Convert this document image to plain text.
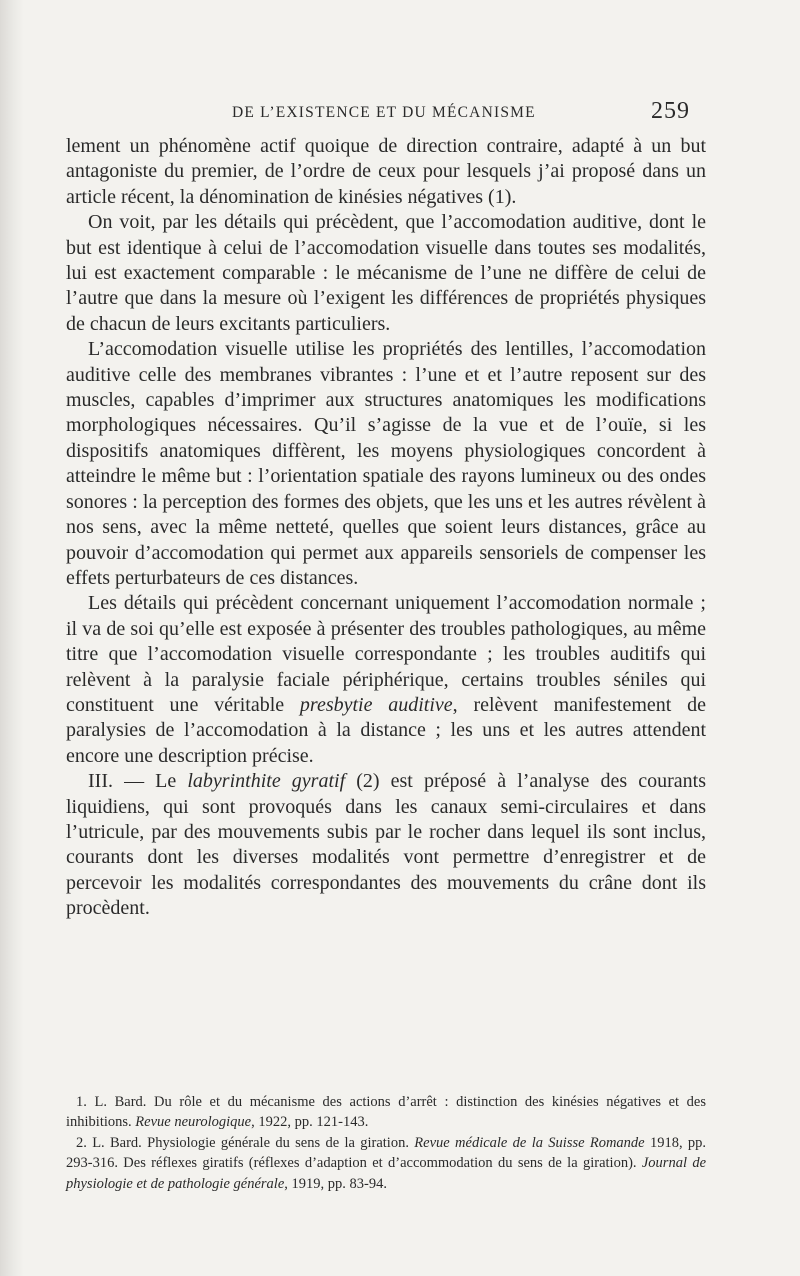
DE L’EXISTENCE ET DU MÉCANISME	259

lement un phénomène actif quoique de direction contraire, adapté à un but antagoniste du premier, de l’ordre de ceux pour lesquels j’ai proposé dans un article récent, la dénomination de kinésies négatives (1).

On voit, par les détails qui précèdent, que l’accomodation auditive, dont le but est identique à celui de l’accomodation visuelle dans toutes ses modalités, lui est exactement comparable : le mécanisme de l’une ne diffère de celui de l’autre que dans la mesure où l’exigent les différences de propriétés physiques de chacun de leurs excitants particuliers.

L’accomodation visuelle utilise les propriétés des lentilles, l’accomodation auditive celle des membranes vibrantes : l’une et et l’autre reposent sur des muscles, capables d’imprimer aux structures anatomiques les modifications morphologiques nécessaires. Qu’il s’agisse de la vue et de l’ouïe, si les dispositifs anatomiques diffèrent, les moyens physiologiques concordent à atteindre le même but : l’orientation spatiale des rayons lumineux ou des ondes sonores : la perception des formes des objets, que les uns et les autres révèlent à nos sens, avec la même netteté, quelles que soient leurs distances, grâce au pouvoir d’accomodation qui permet aux appareils sensoriels de compenser les effets perturbateurs de ces distances.

Les détails qui précèdent concernant uniquement l’accomodation normale ; il va de soi qu’elle est exposée à présenter des troubles pathologiques, au même titre que l’accomodation visuelle correspondante ; les troubles auditifs qui relèvent à la paralysie faciale périphérique, certains troubles séniles qui constituent une véritable presbytie auditive, relèvent manifestement de paralysies de l’accomodation à la distance ; les uns et les autres attendent encore une description précise.

III. — Le labyrinthite gyratif (2) est préposé à l’analyse des courants liquidiens, qui sont provoqués dans les canaux semi-circulaires et dans l’utricule, par des mouvements subis par le rocher dans lequel ils sont inclus, courants dont les diverses modalités vont permettre d’enregistrer et de percevoir les modalités correspondantes des mouvements du crâne dont ils procèdent.

1. L. Bard. Du rôle et du mécanisme des actions d’arrêt : distinction des kinésies négatives et des inhibitions. Revue neurologique, 1922, pp. 121-143.

2. L. Bard. Physiologie générale du sens de la giration. Revue médicale de la Suisse Romande 1918, pp. 293-316. Des réflexes giratifs (réflexes d’adaption et d’accommodation du sens de la giration). Journal de physiologie et de pathologie générale, 1919, pp. 83-94.
